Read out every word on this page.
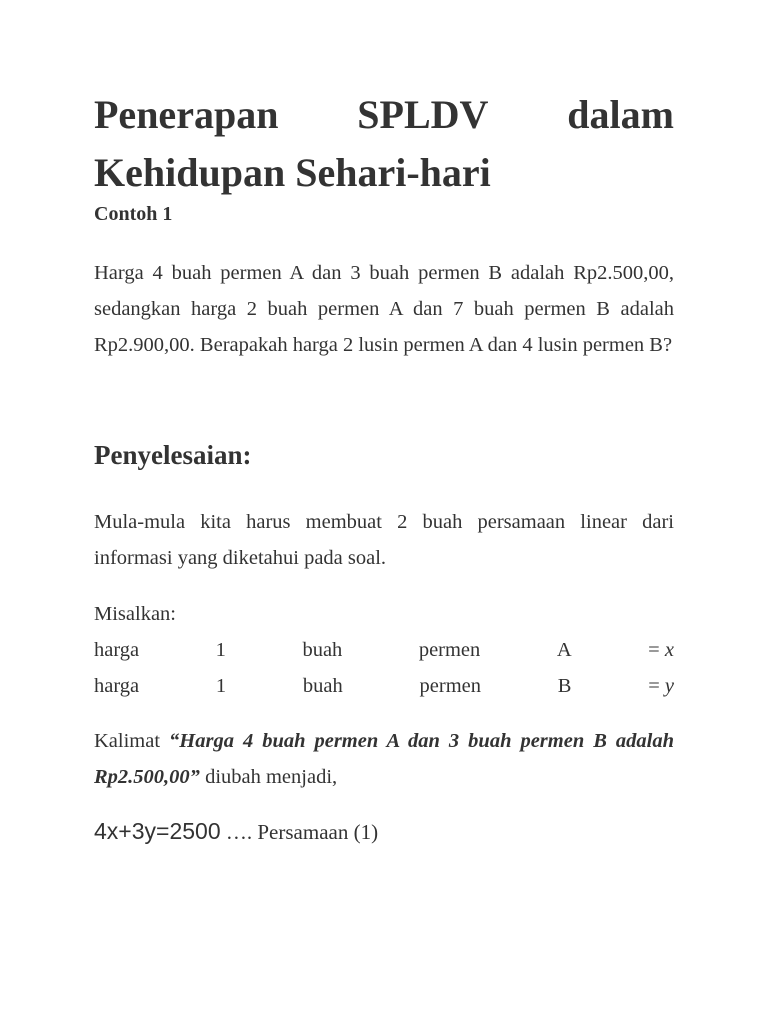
Penerapan SPLDV dalam
Kehidupan Sehari-hari
Contoh 1

Harga 4 buah permen A dan 3 buah permen B adalah Rp2.500,00, sedangkan harga 2 buah permen A dan 7 buah permen B adalah Rp2.900,00. Berapakah harga 2 lusin permen A dan 4 lusin permen B?

Penyelesaian:

Mula-mula kita harus membuat 2 buah persamaan linear dari informasi yang diketahui pada soal.

Misalkan:
harga	1	buah	permen	A	= x
harga	1	buah	permen	B	= y

Kalimat “Harga 4 buah permen A dan 3 buah permen B adalah Rp2.500,00” diubah menjadi,

4x+3y=2500 …. Persamaan (1)
